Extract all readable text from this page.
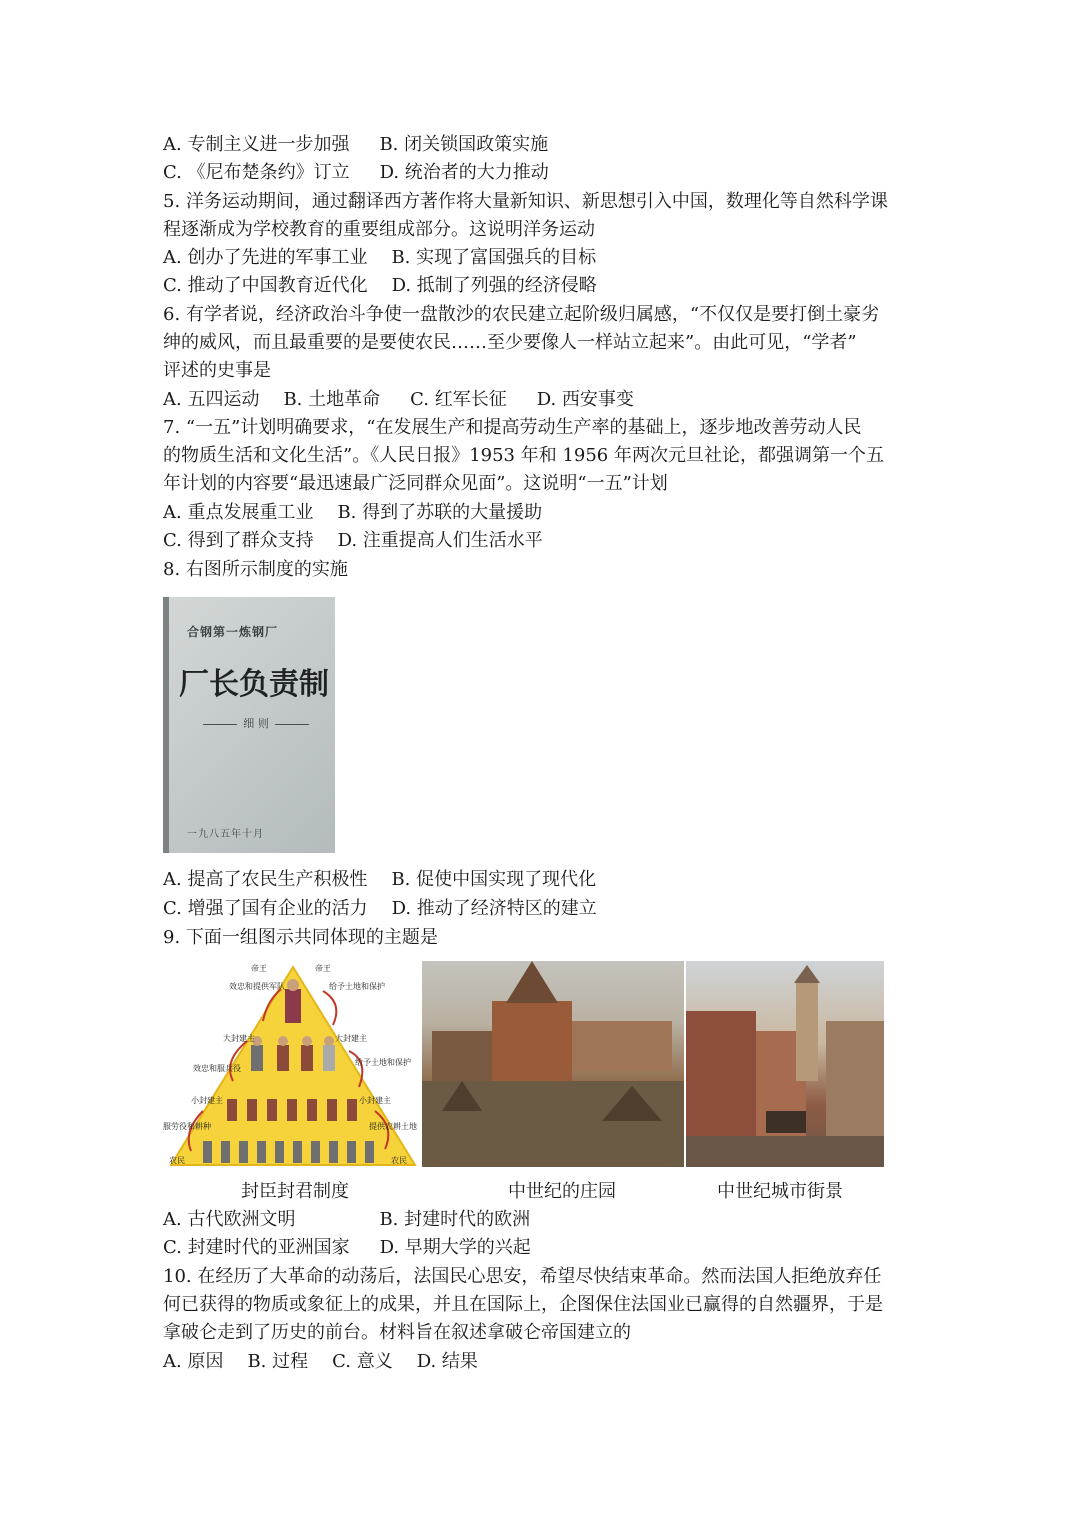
A. 专制主义进一步加强 B. 闭关锁国政策实施
C. 《尼布楚条约》订立 D. 统治者的大力推动
5. 洋务运动期间，通过翻译西方著作将大量新知识、新思想引入中国，数理化等自然科学课
程逐渐成为学校教育的重要组成部分。这说明洋务运动
A. 创办了先进的军事工业 B. 实现了富国强兵的目标
C. 推动了中国教育近代化 D. 抵制了列强的经济侵略
6. 有学者说，经济政治斗争使一盘散沙的农民建立起阶级归属感，“不仅仅是要打倒土豪劣
绅的威风，而且最重要的是要使农民……至少要像人一样站立起来”。由此可见，“学者”
评述的史事是
A. 五四运动 B. 土地革命 C. 红军长征 D. 西安事变
7. “一五”计划明确要求，“在发展生产和提高劳动生产率的基础上，逐步地改善劳动人民
的物质生活和文化生活”。《人民日报》1953 年和 1956 年两次元旦社论，都强调第一个五
年计划的内容要“最迅速最广泛同群众见面”。这说明“一五”计划
A. 重点发展重工业 B. 得到了苏联的大量援助
C. 得到了群众支持 D. 注重提高人们生活水平
8. 右图所示制度的实施
合钢第一炼钢厂
厂长负责制
细 则
一九八五年十月
A. 提高了农民生产积极性 B. 促使中国实现了现代化
C. 增强了国有企业的活力 D. 推动了经济特区的建立
9. 下面一组图示共同体现的主题是
帝王	帝王
效忠和提供军队	给予土地和保护
大封建主	大封建主
效忠和服兵役
给予土地和保护
小封建主	小封建主
服劳役和耕种	提供农耕土地
农民	农民
封臣封君制度	中世纪的庄园	中世纪城市街景
A. 古代欧洲文明	B. 封建时代的欧洲
C. 封建时代的亚洲国家 D. 早期大学的兴起
10. 在经历了大革命的动荡后，法国民心思安，希望尽快结束革命。然而法国人拒绝放弃任
何已获得的物质或象征上的成果，并且在国际上，企图保住法国业已赢得的自然疆界，于是
拿破仑走到了历史的前台。材料旨在叙述拿破仑帝国建立的
A. 原因 B. 过程 C. 意义 D. 结果
